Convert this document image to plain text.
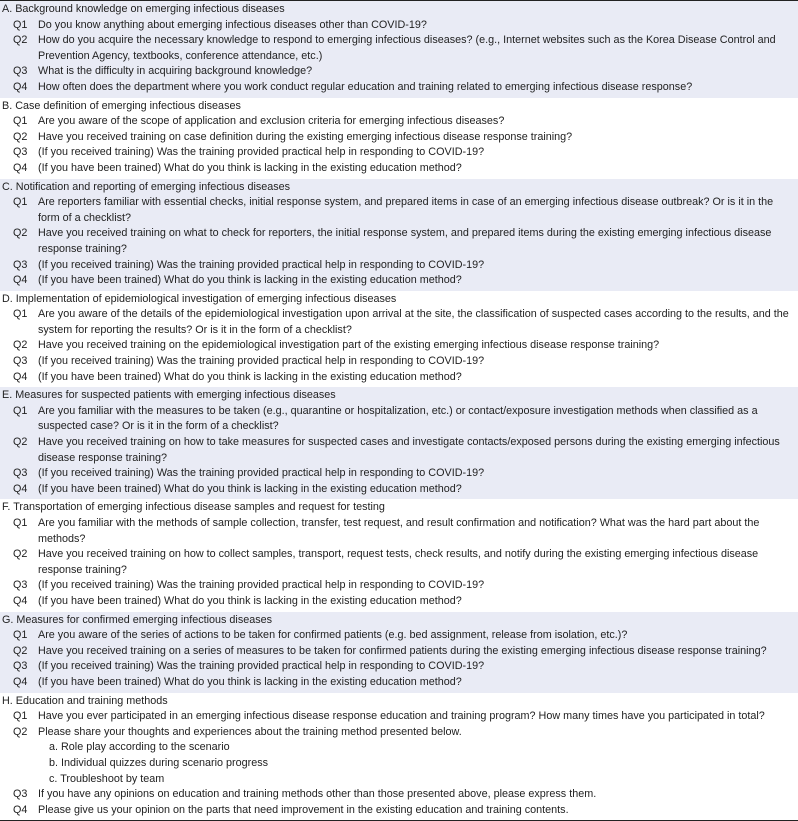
A. Background knowledge on emerging infectious diseases
Q1 Do you know anything about emerging infectious diseases other than COVID-19?
Q2 How do you acquire the necessary knowledge to respond to emerging infectious diseases? (e.g., Internet websites such as the Korea Disease Control and Prevention Agency, textbooks, conference attendance, etc.)
Q3 What is the difficulty in acquiring background knowledge?
Q4 How often does the department where you work conduct regular education and training related to emerging infectious disease response?
B. Case definition of emerging infectious diseases
Q1 Are you aware of the scope of application and exclusion criteria for emerging infectious diseases?
Q2 Have you received training on case definition during the existing emerging infectious disease response training?
Q3 (If you received training) Was the training provided practical help in responding to COVID-19?
Q4 (If you have been trained) What do you think is lacking in the existing education method?
C. Notification and reporting of emerging infectious diseases
Q1 Are reporters familiar with essential checks, initial response system, and prepared items in case of an emerging infectious disease outbreak? Or is it in the form of a checklist?
Q2 Have you received training on what to check for reporters, the initial response system, and prepared items during the existing emerging infectious disease response training?
Q3 (If you received training) Was the training provided practical help in responding to COVID-19?
Q4 (If you have been trained) What do you think is lacking in the existing education method?
D. Implementation of epidemiological investigation of emerging infectious diseases
Q1 Are you aware of the details of the epidemiological investigation upon arrival at the site, the classification of suspected cases according to the results, and the system for reporting the results? Or is it in the form of a checklist?
Q2 Have you received training on the epidemiological investigation part of the existing emerging infectious disease response training?
Q3 (If you received training) Was the training provided practical help in responding to COVID-19?
Q4 (If you have been trained) What do you think is lacking in the existing education method?
E. Measures for suspected patients with emerging infectious diseases
Q1 Are you familiar with the measures to be taken (e.g., quarantine or hospitalization, etc.) or contact/exposure investigation methods when classified as a suspected case? Or is it in the form of a checklist?
Q2 Have you received training on how to take measures for suspected cases and investigate contacts/exposed persons during the existing emerging infectious disease response training?
Q3 (If you received training) Was the training provided practical help in responding to COVID-19?
Q4 (If you have been trained) What do you think is lacking in the existing education method?
F. Transportation of emerging infectious disease samples and request for testing
Q1 Are you familiar with the methods of sample collection, transfer, test request, and result confirmation and notification? What was the hard part about the methods?
Q2 Have you received training on how to collect samples, transport, request tests, check results, and notify during the existing emerging infectious disease response training?
Q3 (If you received training) Was the training provided practical help in responding to COVID-19?
Q4 (If you have been trained) What do you think is lacking in the existing education method?
G. Measures for confirmed emerging infectious diseases
Q1 Are you aware of the series of actions to be taken for confirmed patients (e.g. bed assignment, release from isolation, etc.)?
Q2 Have you received training on a series of measures to be taken for confirmed patients during the existing emerging infectious disease response training?
Q3 (If you received training) Was the training provided practical help in responding to COVID-19?
Q4 (If you have been trained) What do you think is lacking in the existing education method?
H. Education and training methods
Q1 Have you ever participated in an emerging infectious disease response education and training program? How many times have you participated in total?
Q2 Please share your thoughts and experiences about the training method presented below.
a. Role play according to the scenario
b. Individual quizzes during scenario progress
c. Troubleshoot by team
Q3 If you have any opinions on education and training methods other than those presented above, please express them.
Q4 Please give us your opinion on the parts that need improvement in the existing education and training contents.
